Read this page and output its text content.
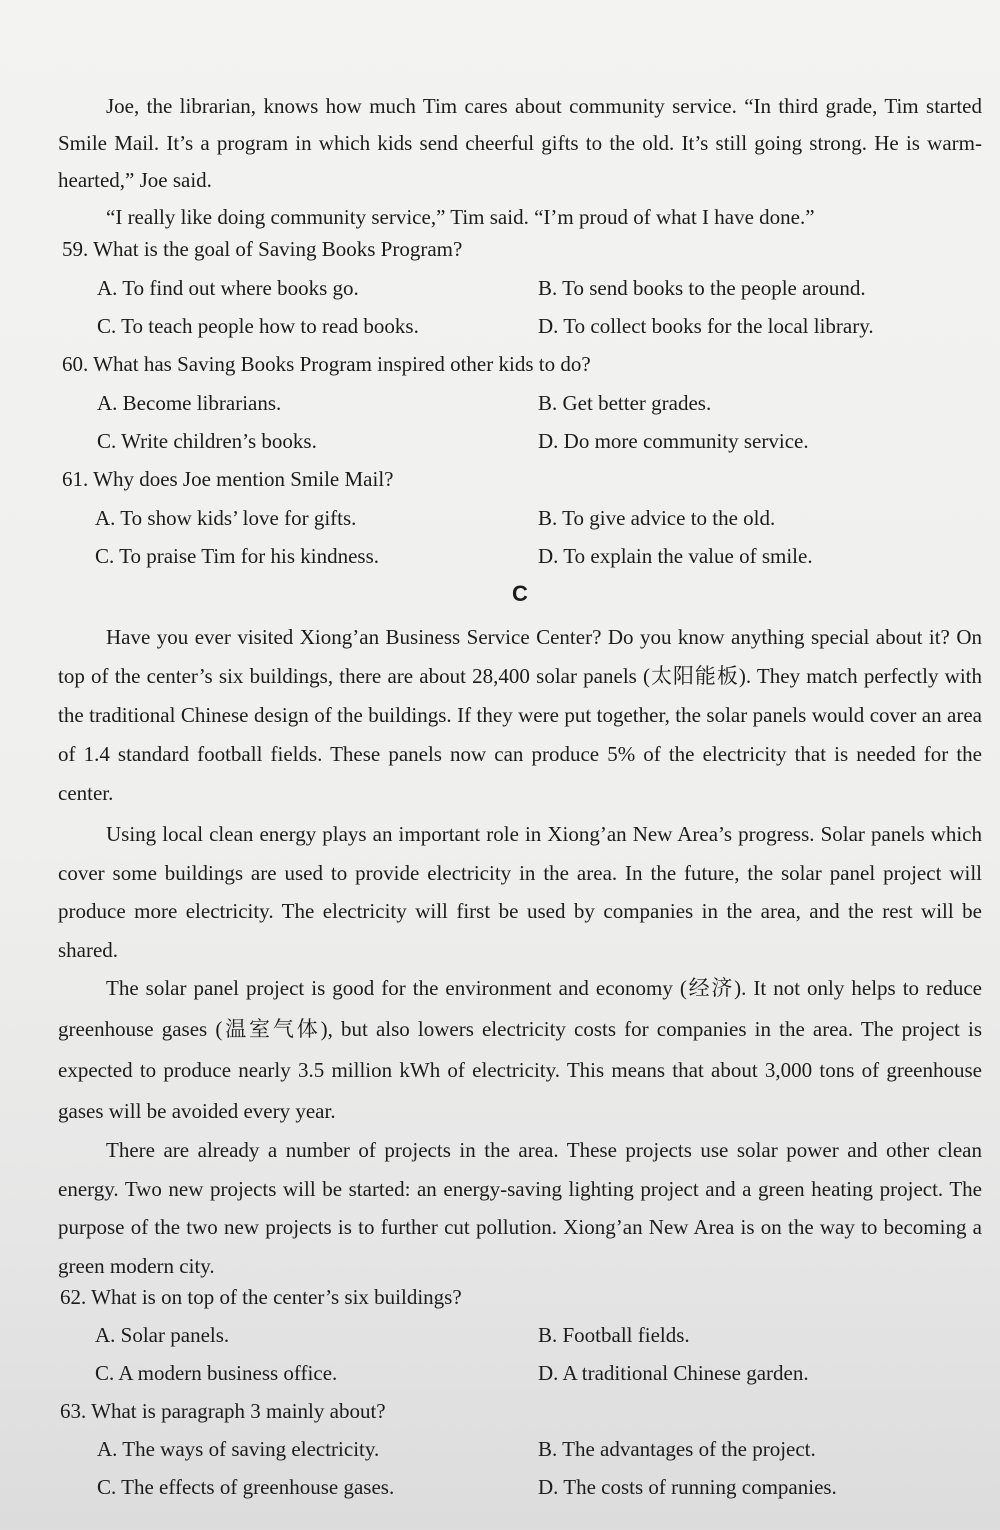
Joe, the librarian, knows how much Tim cares about community service. “In third grade, Tim started Smile Mail. It’s a program in which kids send cheerful gifts to the old. It’s still going strong. He is warm-hearted,” Joe said.

“I really like doing community service,” Tim said. “I’m proud of what I have done.”

59. What is the goal of Saving Books Program?

A. To find out where books go.	B. To send books to the people around.

C. To teach people how to read books.	D. To collect books for the local library.

60. What has Saving Books Program inspired other kids to do?

A. Become librarians.	B. Get better grades.

C. Write children’s books.	D. Do more community service.

61. Why does Joe mention Smile Mail?

A. To show kids’ love for gifts.	B. To give advice to the old.

C. To praise Tim for his kindness.	D. To explain the value of smile.

C

Have you ever visited Xiong’an Business Service Center? Do you know anything special about it? On top of the center’s six buildings, there are about 28,400 solar panels (太阳能板). They match perfectly with the traditional Chinese design of the buildings. If they were put together, the solar panels would cover an area of 1.4 standard football fields. These panels now can produce 5% of the electricity that is needed for the center.

Using local clean energy plays an important role in Xiong’an New Area’s progress. Solar panels which cover some buildings are used to provide electricity in the area. In the future, the solar panel project will produce more electricity. The electricity will first be used by companies in the area, and the rest will be shared.

The solar panel project is good for the environment and economy (经济). It not only helps to reduce greenhouse gases (温室气体), but also lowers electricity costs for companies in the area. The project is expected to produce nearly 3.5 million kWh of electricity. This means that about 3,000 tons of greenhouse gases will be avoided every year.

There are already a number of projects in the area. These projects use solar power and other clean energy. Two new projects will be started: an energy-saving lighting project and a green heating project. The purpose of the two new projects is to further cut pollution. Xiong’an New Area is on the way to becoming a green modern city.

62. What is on top of the center’s six buildings?

A. Solar panels.	B. Football fields.

C. A modern business office.	D. A traditional Chinese garden.

63. What is paragraph 3 mainly about?

A. The ways of saving electricity.	B. The advantages of the project.

C. The effects of greenhouse gases.	D. The costs of running companies.
